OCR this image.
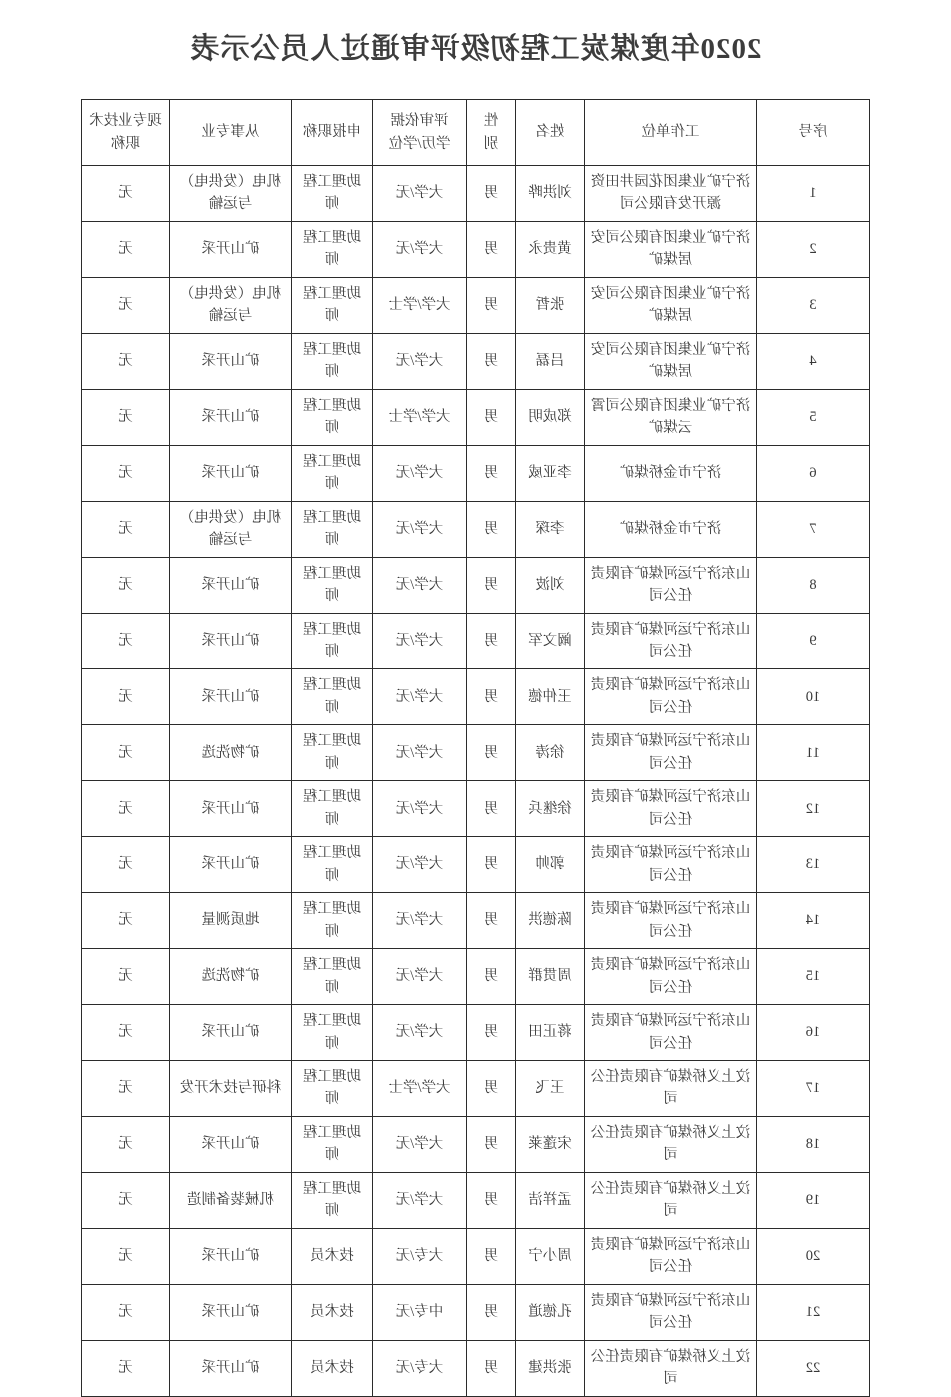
2020年度煤炭工程初级评审通过人员公示表
序号	工作单位	姓名	性别	评审依据学历/学位	申报职称	从事专业	现专业技术职称
1	济宁矿业集团花园井田资源开发有限公司	刘洪晔	男	大学/无	助理工程师	机电（发供电）与运输	无
2	济宁矿业集团有限公司安居煤矿	黄贵永	男	大学/无	助理工程师	矿山开采	无
3	济宁矿业集团有限公司安居煤矿	张哲	男	大学/学士	助理工程师	机电（发供电）与运输	无
4	济宁矿业集团有限公司安居煤矿	吕磊	男	大学/无	助理工程师	矿山开采	无
5	济宁矿业集团有限公司霄云煤矿	郑成明	男	大学/学士	助理工程师	矿山开采	无
6	济宁市金桥煤矿	李亚威	男	大学/无	助理工程师	矿山开采	无
7	济宁市金桥煤矿	李琛	男	大学/无	助理工程师	机电（发供电）与运输	无
8	山东济宁运河煤矿有限责任公司	刘波	男	大学/无	助理工程师	矿山开采	无
9	山东济宁运河煤矿有限责任公司	阚文军	男	大学/无	助理工程师	矿山开采	无
10	山东济宁运河煤矿有限责任公司	王仲德	男	大学/无	助理工程师	矿山开采	无
11	山东济宁运河煤矿有限责任公司	徐涛	男	大学/无	助理工程师	矿物洗选	无
12	山东济宁运河煤矿有限责任公司	徐继兵	男	大学/无	助理工程师	矿山开采	无
13	山东济宁运河煤矿有限责任公司	郭帅	男	大学/无	助理工程师	矿山开采	无
14	山东济宁运河煤矿有限责任公司	陈德洪	男	大学/无	助理工程师	地质测量	无
15	山东济宁运河煤矿有限责任公司	周贯群	男	大学/无	助理工程师	矿物洗选	无
16	山东济宁运河煤矿有限责任公司	蒋正田	男	大学/无	助理工程师	矿山开采	无
17	汶上义桥煤矿有限责任公司	王飞	男	大学/学士	助理工程师	科研与技术开发	无
18	汶上义桥煤矿有限责任公司	宋蓬莱	男	大学/无	助理工程师	矿山开采	无
19	汶上义桥煤矿有限责任公司	孟祥洁	男	大学/无	助理工程师	机械装备制造	无
20	山东济宁运河煤矿有限责任公司	周小宁	男	大专/无	技术员	矿山开采	无
21	山东济宁运河煤矿有限责任公司	孔德道	男	中专/无	技术员	矿山开采	无
22	汶上义桥煤矿有限责任公司	张洪建	男	大专/无	技术员	矿山开采	无
